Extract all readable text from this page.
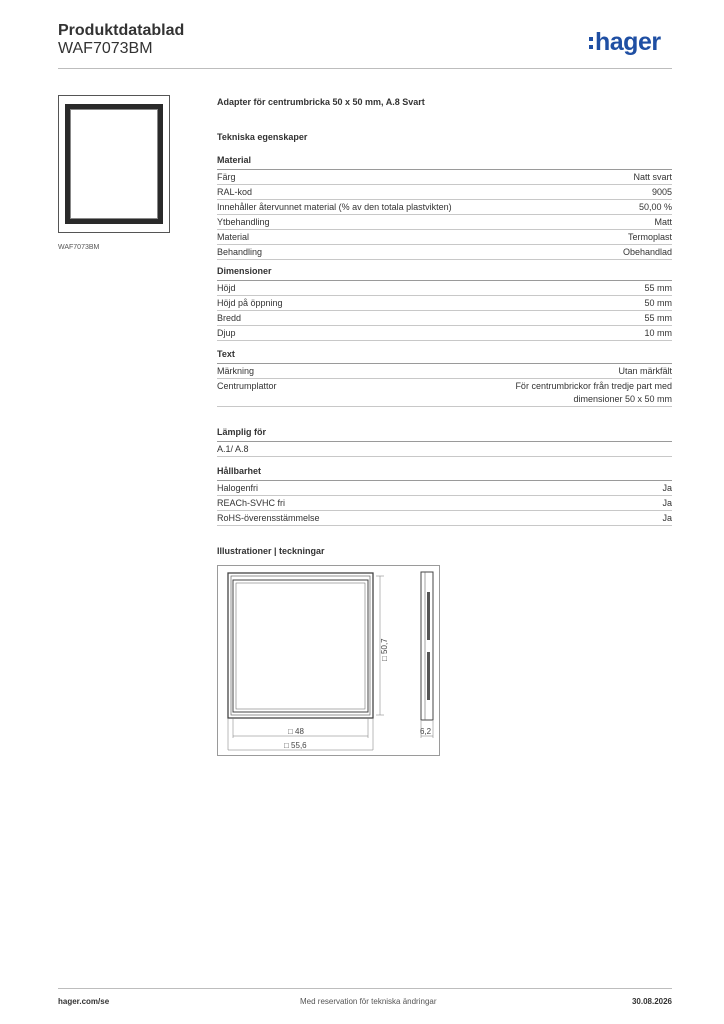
Produktdatablad
WAF7073BM	hager
WAF7073BM
Adapter för centrumbricka 50 x 50 mm, A.8 Svart
Tekniska egenskaper
Material
Färg	Natt svart
RAL-kod	9005
Innehåller återvunnet material (% av den totala plastvikten)	50,00 %
Ytbehandling	Matt
Material	Termoplast
Behandling	Obehandlad
Dimensioner
Höjd	55 mm
Höjd på öppning	50 mm
Bredd	55 mm
Djup	10 mm
Text
Märkning	Utan märkfält
Centrumplattor	För centrumbrickor från tredje part med dimensioner 50 x 50 mm
Lämplig för
A.1/ A.8
Hållbarhet
Halogenfri	Ja
REACh-SVHC fri	Ja
RoHS-överensstämmelse	Ja
Illustrationer | teckningar
□ 48
□ 55,6
□ 50,7
6,2
hager.com/se	Med reservation för tekniska ändringar	30.08.2026
